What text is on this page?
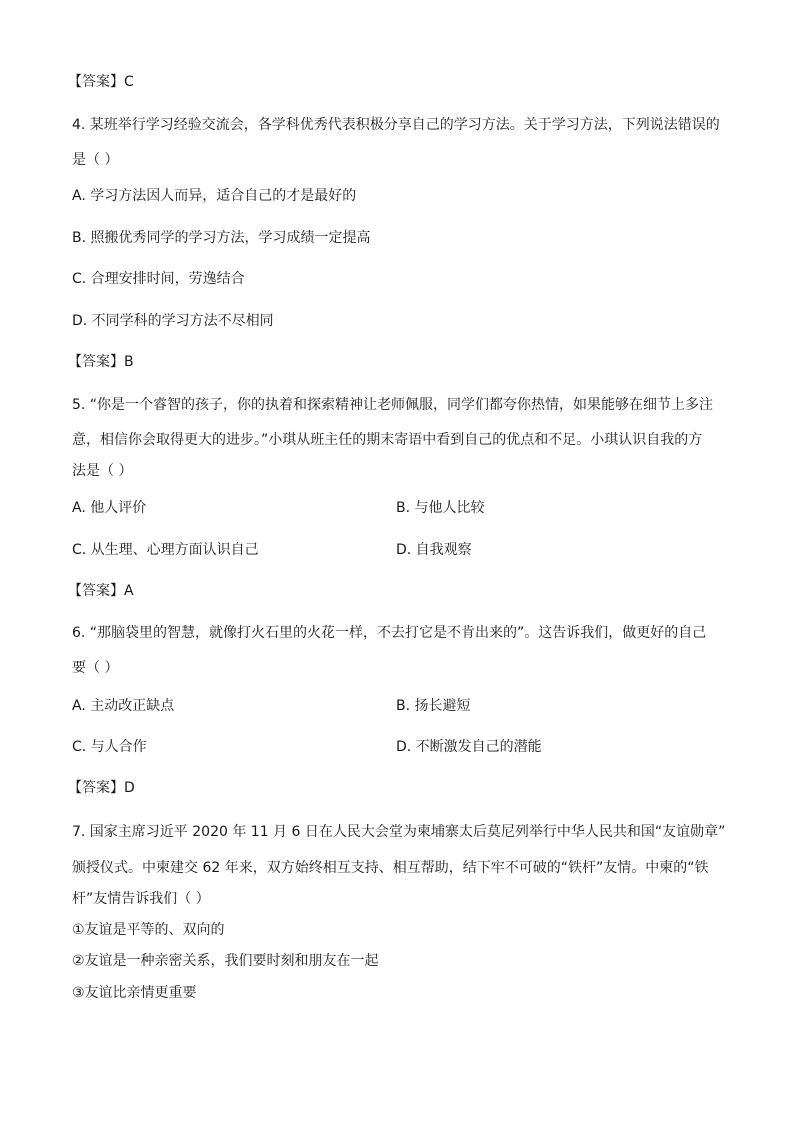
【答案】C
4. 某班举行学习经验交流会，各学科优秀代表积极分享自己的学习方法。关于学习方法，下列说法错误的
是（ ）
A. 学习方法因人而异，适合自己的才是最好的
B. 照搬优秀同学的学习方法，学习成绩一定提高
C. 合理安排时间，劳逸结合
D. 不同学科的学习方法不尽相同
【答案】B
5. “你是一个睿智的孩子，你的执着和探索精神让老师佩服，同学们都夸你热情，如果能够在细节上多注
意，相信你会取得更大的进步。”小琪从班主任的期末寄语中看到自己的优点和不足。小琪认识自我的方
法是（ ）
A. 他人评价	B. 与他人比较
C. 从生理、心理方面认识自己	D. 自我观察
【答案】A
6. “那脑袋里的智慧，就像打火石里的火花一样，不去打它是不肯出来的”。这告诉我们，做更好的自己
要（ ）
A. 主动改正缺点	B. 扬长避短
C. 与人合作	D. 不断激发自己的潜能
【答案】D
7. 国家主席习近平 2020 年 11 月 6 日在人民大会堂为柬埔寨太后莫尼列举行中华人民共和国“友谊勋章”
颁授仪式。中柬建交 62 年来，双方始终相互支持、相互帮助，结下牢不可破的“铁杆”友情。中柬的“铁
杆”友情告诉我们（ ）
①友谊是平等的、双向的
②友谊是一种亲密关系，我们要时刻和朋友在一起
③友谊比亲情更重要
